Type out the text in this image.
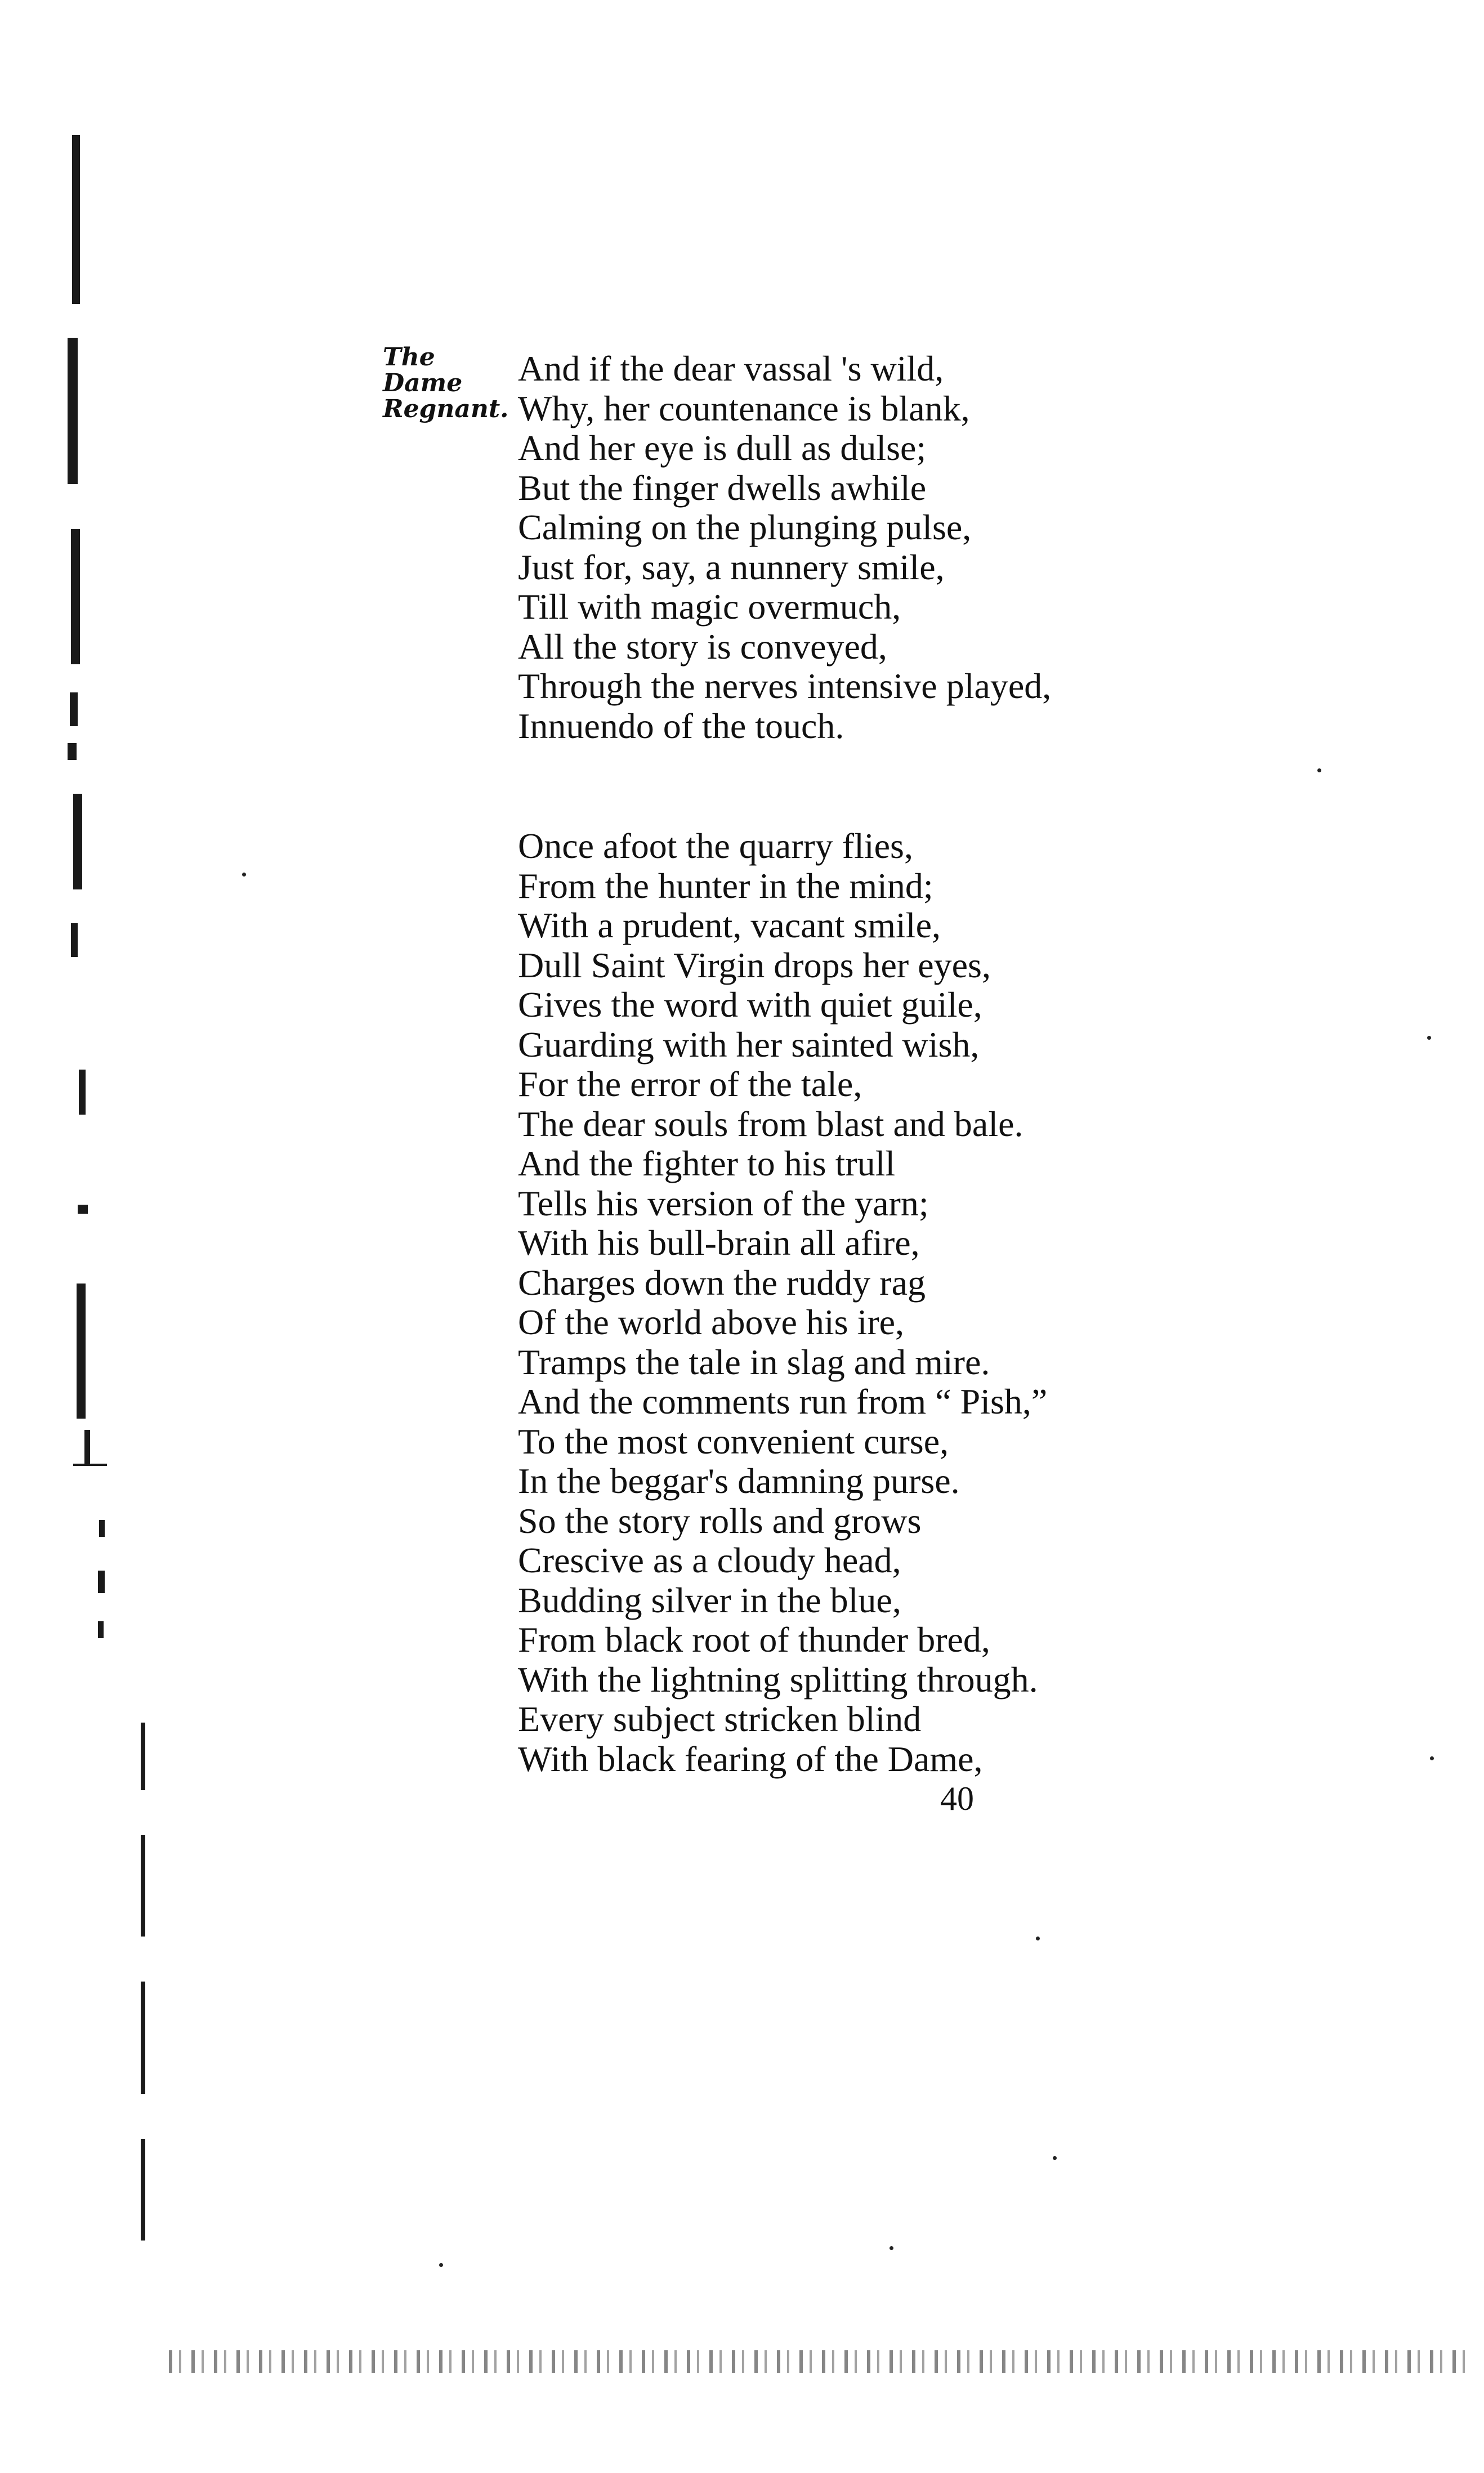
The
Dame
Regnant.
And if the dear vassal 's wild,
Why, her countenance is blank,
And her eye is dull as dulse;
But the finger dwells awhile
Calming on the plunging pulse,
Just for, say, a nunnery smile,
Till with magic overmuch,
All the story is conveyed,
Through the nerves intensive played,
Innuendo of the touch.
Once afoot the quarry flies,
From the hunter in the mind;
With a prudent, vacant smile,
Dull Saint Virgin drops her eyes,
Gives the word with quiet guile,
Guarding with her sainted wish,
For the error of the tale,
The dear souls from blast and bale.
And the fighter to his trull
Tells his version of the yarn;
With his bull-brain all afire,
Charges down the ruddy rag
Of the world above his ire,
Tramps the tale in slag and mire.
And the comments run from “ Pish,”
To the most convenient curse,
In the beggar's damning purse.
So the story rolls and grows
Crescive as a cloudy head,
Budding silver in the blue,
From black root of thunder bred,
With the lightning splitting through.
Every subject stricken blind
With black fearing of the Dame,
40
